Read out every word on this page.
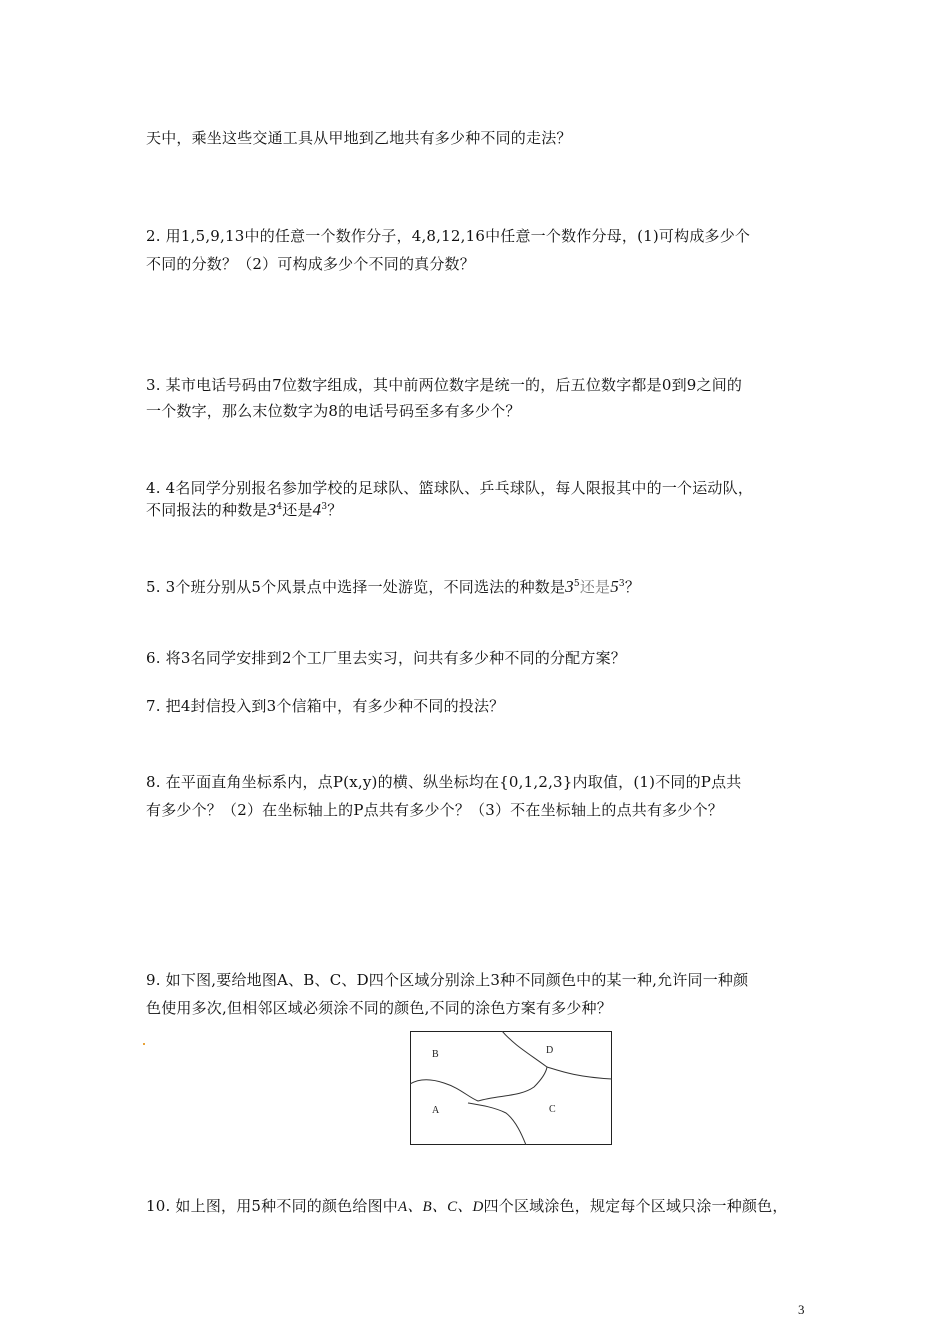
天中，乘坐这些交通工具从甲地到乙地共有多少种不同的走法？
2. 用1,5,9,13中的任意一个数作分子，4,8,12,16中任意一个数作分母，(1)可构成多少个
不同的分数？（2）可构成多少个不同的真分数？
3. 某市电话号码由7位数字组成，其中前两位数字是统一的，后五位数字都是0到9之间的
一个数字，那么末位数字为8的电话号码至多有多少个？
4. 4名同学分别报名参加学校的足球队、篮球队、乒乓球队，每人限报其中的一个运动队，
不同报法的种数是$3^4$还是$4^3$？
5. 3个班分别从5个风景点中选择一处游览，不同选法的种数是$3^5$还是$5^3$？
6. 将3名同学安排到2个工厂里去实习，问共有多少种不同的分配方案？
7. 把4封信投入到3个信箱中，有多少种不同的投法？
8. 在平面直角坐标系内，点P(x,y)的横、纵坐标均在{0,1,2,3}内取值，(1)不同的P点共
有多少个？（2）在坐标轴上的P点共有多少个？（3）不在坐标轴上的点共有多少个？
9. 如下图,要给地图A、B、C、D四个区域分别涂上3种不同颜色中的某一种,允许同一种颜
色使用多次,但相邻区域必须涂不同的颜色,不同的涂色方案有多少种？
B	D
A	C
10. 如上图，用5种不同的颜色给图中A、B、C、D四个区域涂色，规定每个区域只涂一种颜色，
3
